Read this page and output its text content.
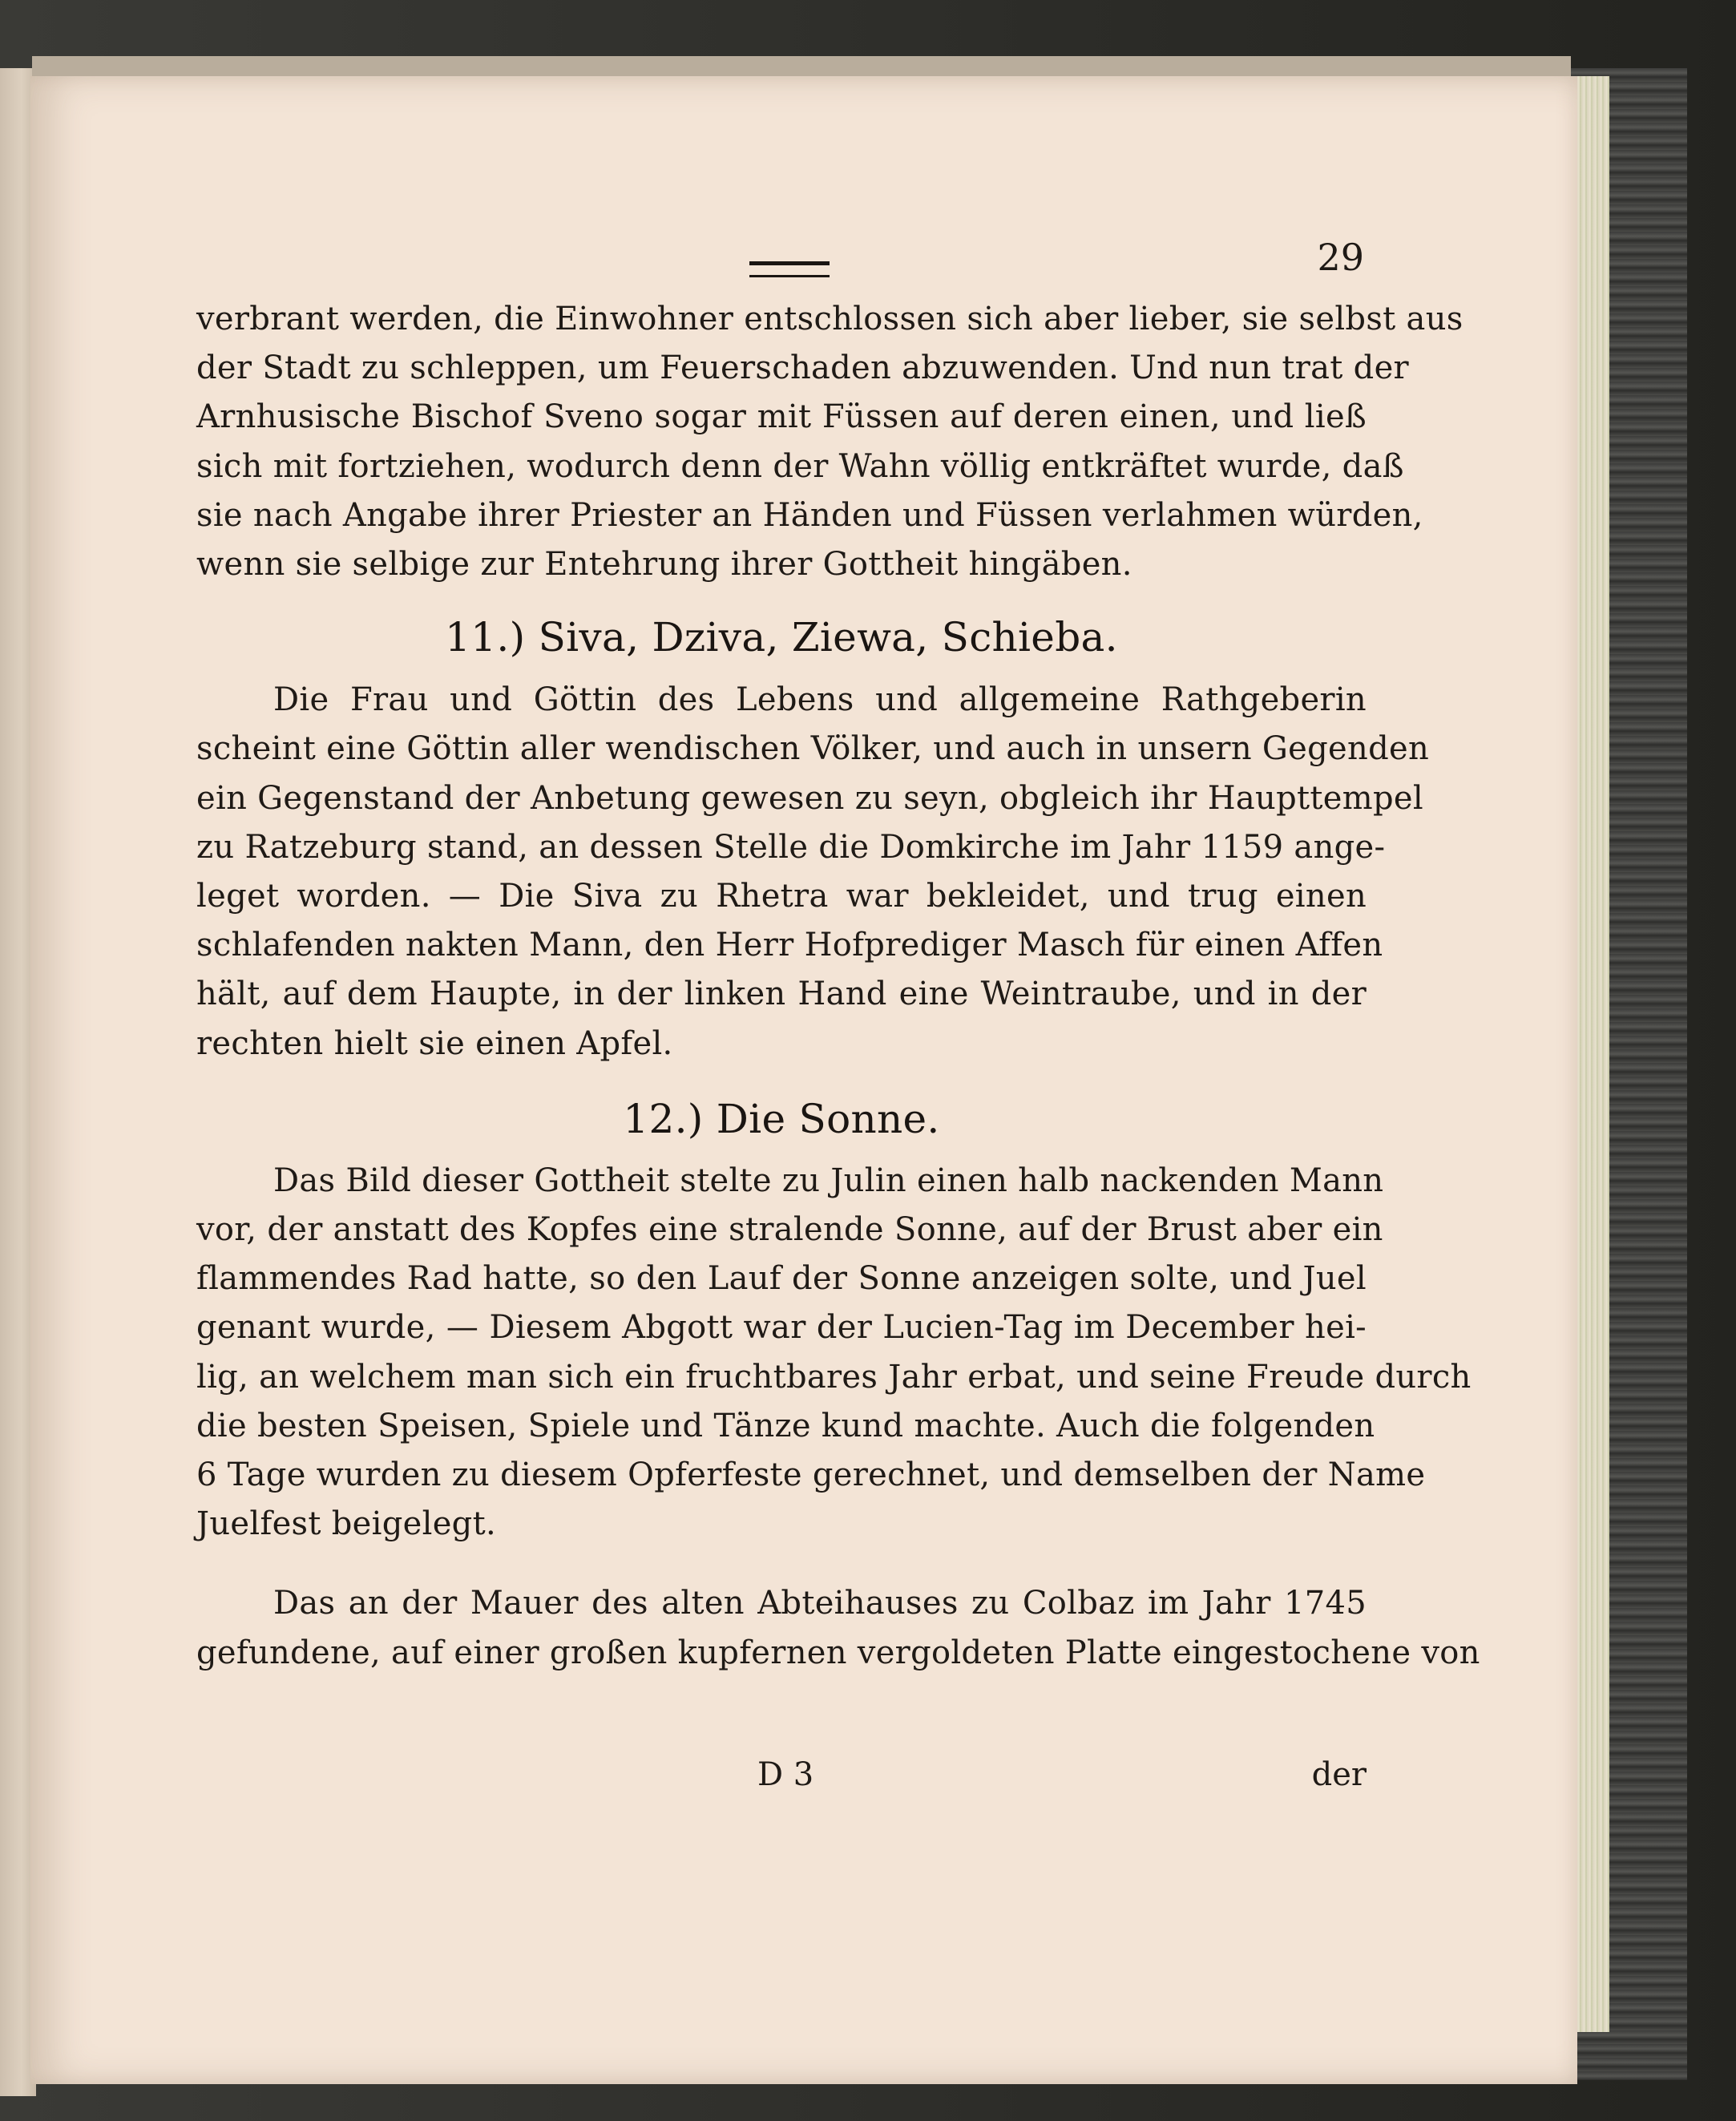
29

verbrant werden, die Einwohner entschlossen sich aber lieber, sie selbst aus
der Stadt zu schleppen, um Feuerschaden abzuwenden. Und nun trat der
Arnhusische Bischof Sveno sogar mit Füssen auf deren einen, und ließ
sich mit fortziehen, wodurch denn der Wahn völlig entkräftet wurde, daß
sie nach Angabe ihrer Priester an Händen und Füssen verlahmen würden,
wenn sie selbige zur Entehrung ihrer Gottheit hingäben.

11.) Siva, Dziva, Ziewa, Schieba.

Die Frau und Göttin des Lebens und allgemeine Rathgeberin
scheint eine Göttin aller wendischen Völker, und auch in unsern Gegenden
ein Gegenstand der Anbetung gewesen zu seyn, obgleich ihr Haupttempel
zu Ratzeburg stand, an dessen Stelle die Domkirche im Jahr 1159 ange-
leget worden. — Die Siva zu Rhetra war bekleidet, und trug einen
schlafenden nakten Mann, den Herr Hofprediger Masch für einen Affen
hält, auf dem Haupte, in der linken Hand eine Weintraube, und in der
rechten hielt sie einen Apfel.

12.) Die Sonne.

Das Bild dieser Gottheit stelte zu Julin einen halb nackenden Mann
vor, der anstatt des Kopfes eine stralende Sonne, auf der Brust aber ein
flammendes Rad hatte, so den Lauf der Sonne anzeigen solte, und Juel
genant wurde, — Diesem Abgott war der Lucien-Tag im December hei-
lig, an welchem man sich ein fruchtbares Jahr erbat, und seine Freude durch
die besten Speisen, Spiele und Tänze kund machte. Auch die folgenden
6 Tage wurden zu diesem Opferfeste gerechnet, und demselben der Name
Juelfest beigelegt.

Das an der Mauer des alten Abteihauses zu Colbaz im Jahr 1745
gefundene, auf einer großen kupfernen vergoldeten Platte eingestochene von

D 3	der
